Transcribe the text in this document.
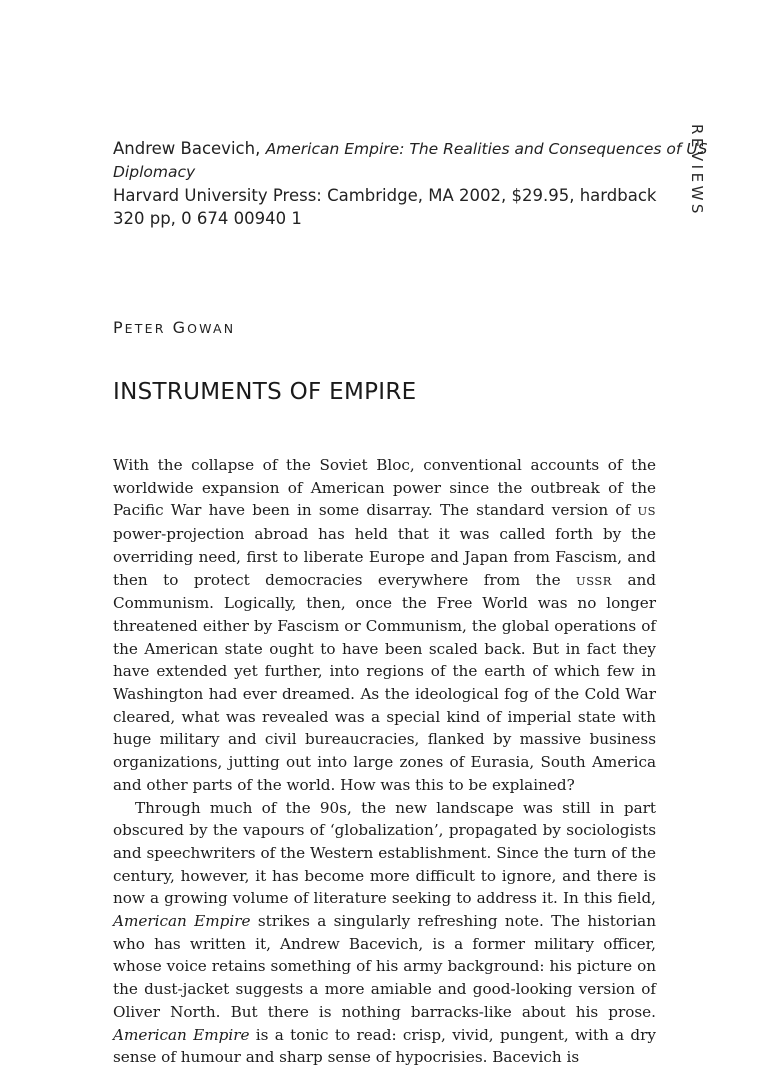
REVIEWS
Andrew Bacevich, American Empire: The Realities and Consequences of US
Diplomacy
Harvard University Press: Cambridge, MA 2002, $29.95, hardback
320 pp, 0 674 00940 1
PETER GOWAN
INSTRUMENTS OF EMPIRE

With the collapse of the Soviet Bloc, conventional accounts of the worldwide expansion of American power since the outbreak of the Pacific War have been in some disarray. The standard version of US power-projection abroad has held that it was called forth by the overriding need, first to liberate Europe and Japan from Fascism, and then to protect democracies everywhere from the USSR and Communism. Logically, then, once the Free World was no longer threatened either by Fascism or Communism, the global operations of the American state ought to have been scaled back. But in fact they have extended yet further, into regions of the earth of which few in Washington had ever dreamed. As the ideological fog of the Cold War cleared, what was revealed was a special kind of imperial state with huge military and civil bureaucracies, flanked by massive business organizations, jutting out into large zones of Eurasia, South America and other parts of the world. How was this to be explained?

Through much of the 90s, the new landscape was still in part obscured by the vapours of ‘globalization’, propagated by sociologists and speechwriters of the Western establishment. Since the turn of the century, however, it has become more difficult to ignore, and there is now a growing volume of literature seeking to address it. In this field, American Empire strikes a singularly refreshing note. The historian who has written it, Andrew Bacevich, is a former military officer, whose voice retains something of his army background: his picture on the dust-jacket suggests a more amiable and good-looking version of Oliver North. But there is nothing barracks-like about his prose. American Empire is a tonic to read: crisp, vivid, pungent, with a dry sense of humour and sharp sense of hypocrisies. Bacevich is
